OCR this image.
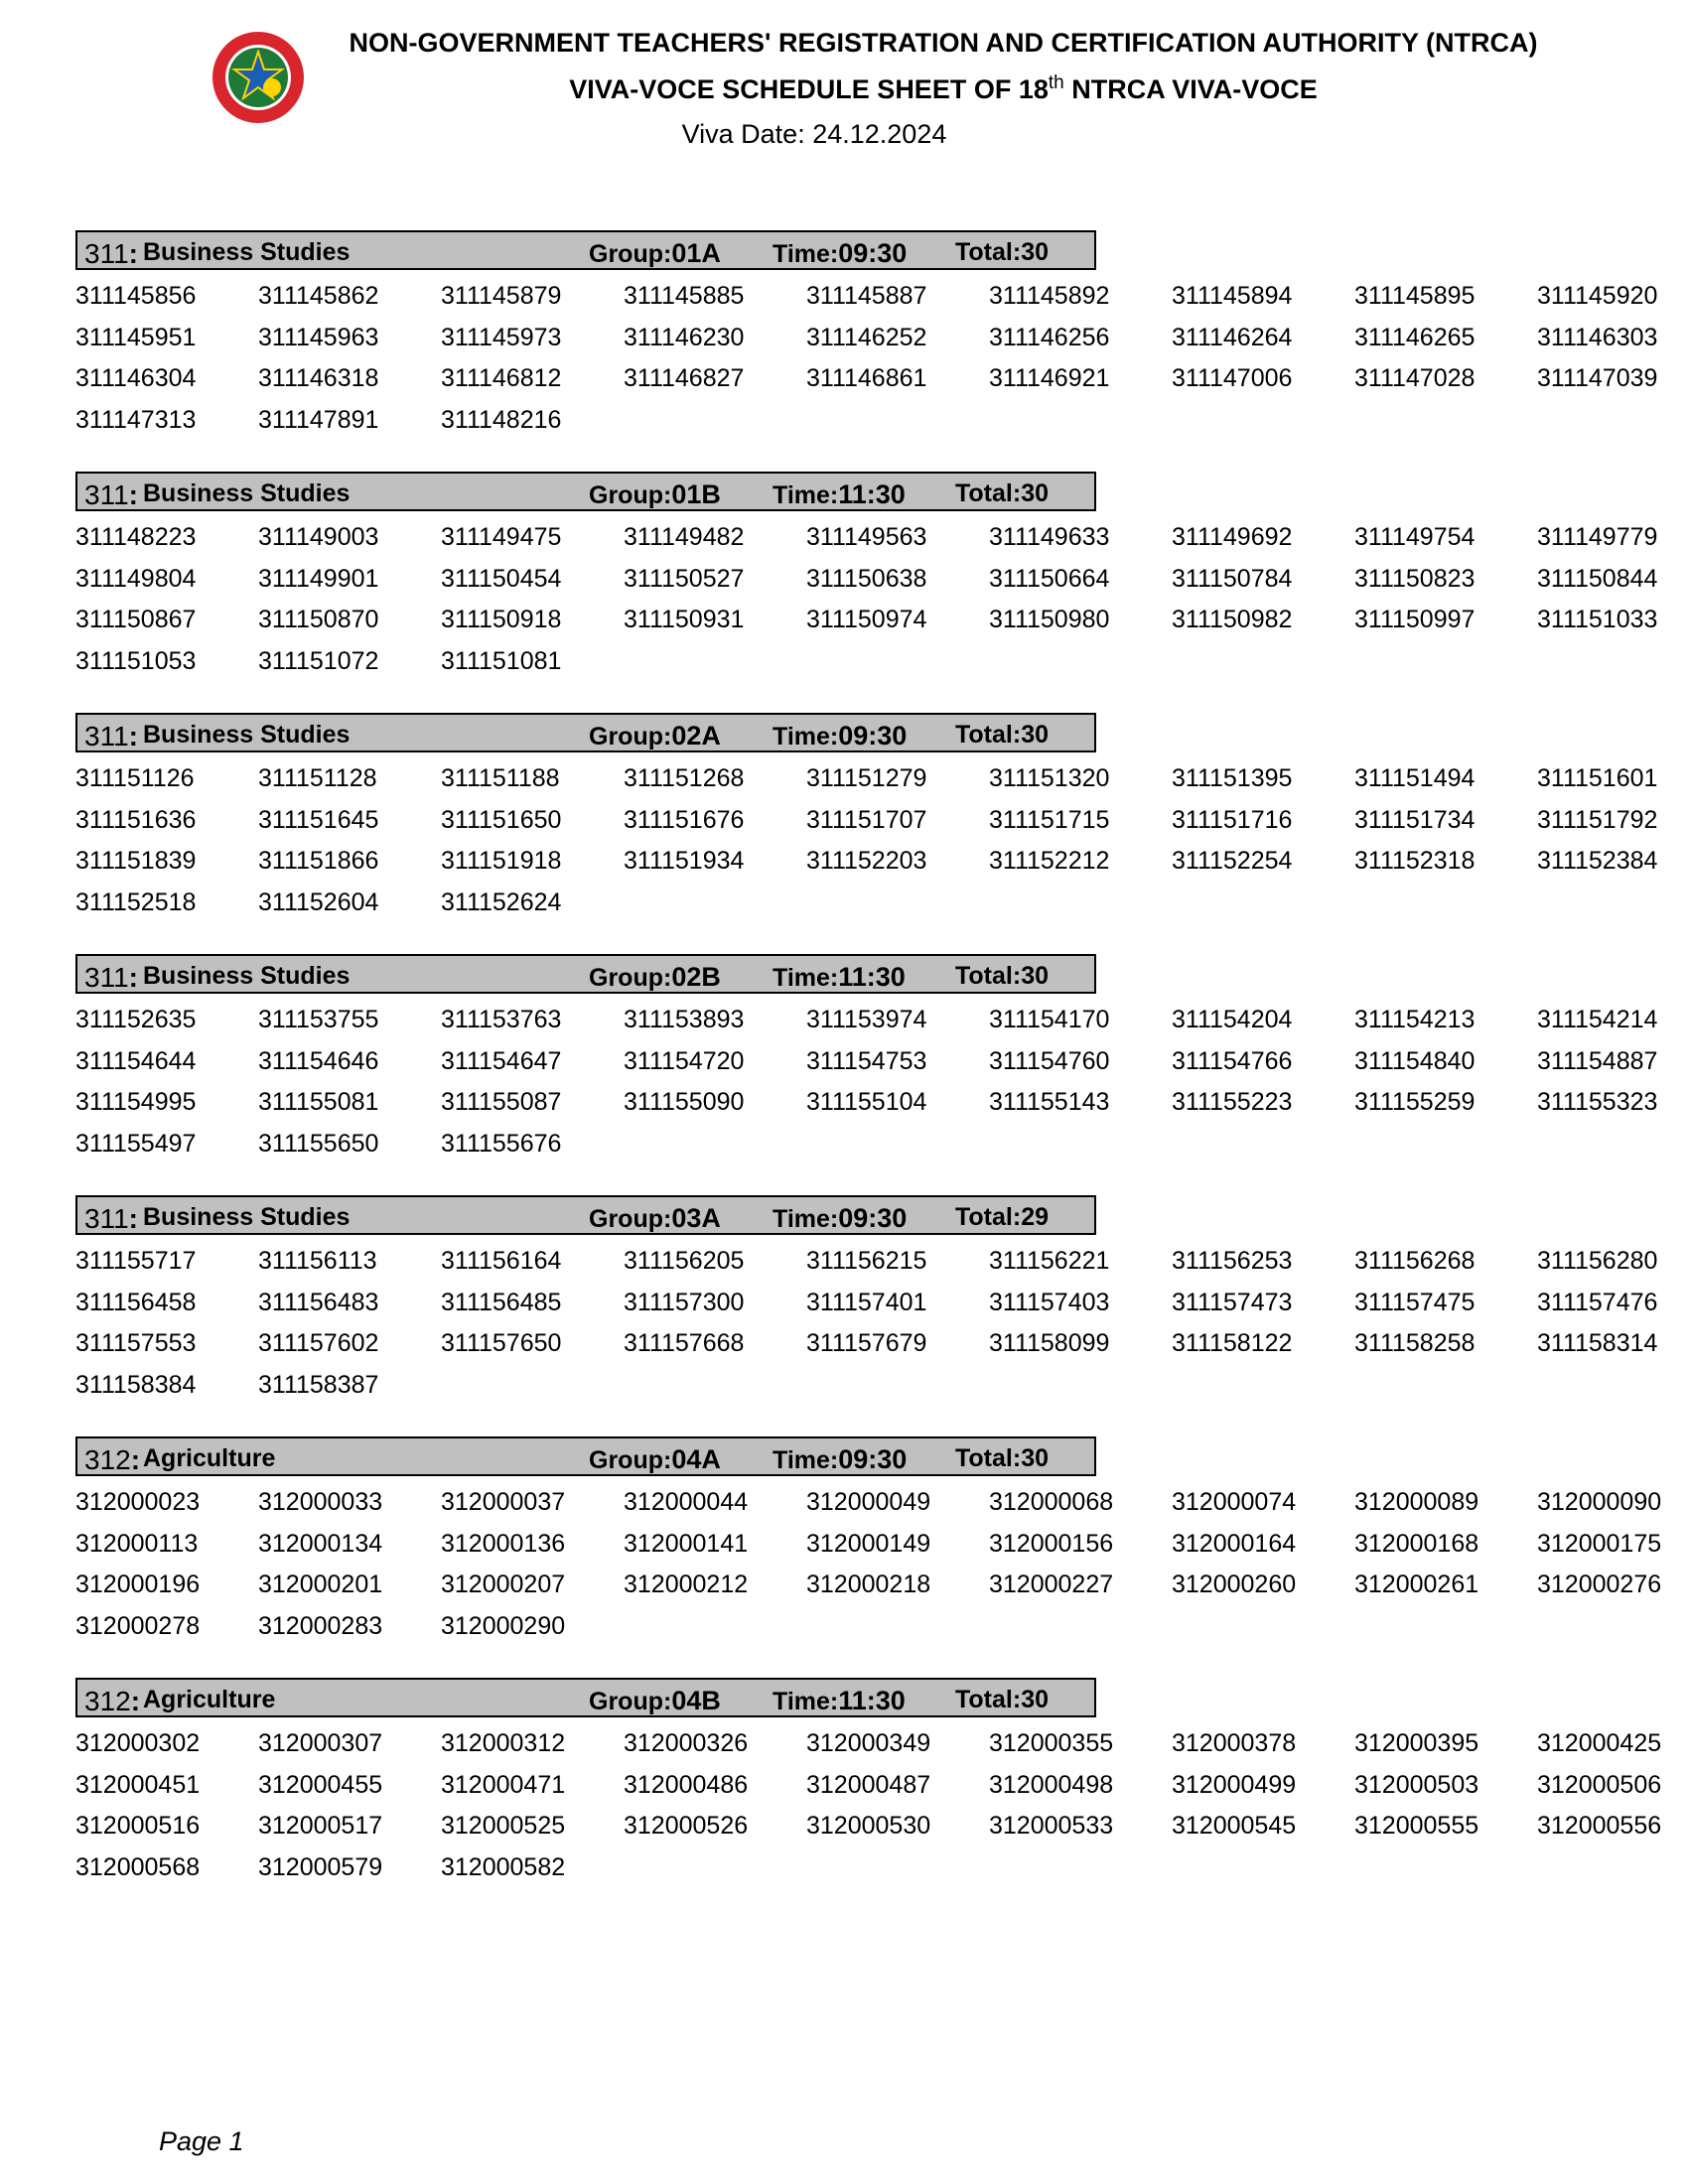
NON-GOVERNMENT TEACHERS' REGISTRATION AND CERTIFICATION AUTHORITY (NTRCA)
VIVA-VOCE SCHEDULE SHEET OF 18th NTRCA VIVA-VOCE
Viva Date: 24.12.2024
311: Business Studies	Group:01A Time:09:30 Total:30
311145856	311145862	311145879	311145885	311145887	311145892	311145894	311145895	311145920
311145951	311145963	311145973	311146230	311146252	311146256	311146264	311146265	311146303
311146304	311146318	311146812	311146827	311146861	311146921	311147006	311147028	311147039
311147313	311147891	311148216
311: Business Studies	Group:01B Time:11:30 Total:30
311148223	311149003	311149475	311149482	311149563	311149633	311149692	311149754	311149779
311149804	311149901	311150454	311150527	311150638	311150664	311150784	311150823	311150844
311150867	311150870	311150918	311150931	311150974	311150980	311150982	311150997	311151033
311151053	311151072	311151081
311: Business Studies	Group:02A Time:09:30 Total:30
311151126	311151128	311151188	311151268	311151279	311151320	311151395	311151494	311151601
311151636	311151645	311151650	311151676	311151707	311151715	311151716	311151734	311151792
311151839	311151866	311151918	311151934	311152203	311152212	311152254	311152318	311152384
311152518	311152604	311152624
311: Business Studies	Group:02B Time:11:30 Total:30
311152635	311153755	311153763	311153893	311153974	311154170	311154204	311154213	311154214
311154644	311154646	311154647	311154720	311154753	311154760	311154766	311154840	311154887
311154995	311155081	311155087	311155090	311155104	311155143	311155223	311155259	311155323
311155497	311155650	311155676
311: Business Studies	Group:03A Time:09:30 Total:29
311155717	311156113	311156164	311156205	311156215	311156221	311156253	311156268	311156280
311156458	311156483	311156485	311157300	311157401	311157403	311157473	311157475	311157476
311157553	311157602	311157650	311157668	311157679	311158099	311158122	311158258	311158314
311158384	311158387
312: Agriculture	Group:04A Time:09:30 Total:30
312000023	312000033	312000037	312000044	312000049	312000068	312000074	312000089	312000090
312000113	312000134	312000136	312000141	312000149	312000156	312000164	312000168	312000175
312000196	312000201	312000207	312000212	312000218	312000227	312000260	312000261	312000276
312000278	312000283	312000290
312: Agriculture	Group:04B Time:11:30 Total:30
312000302	312000307	312000312	312000326	312000349	312000355	312000378	312000395	312000425
312000451	312000455	312000471	312000486	312000487	312000498	312000499	312000503	312000506
312000516	312000517	312000525	312000526	312000530	312000533	312000545	312000555	312000556
312000568	312000579	312000582
Page 1
